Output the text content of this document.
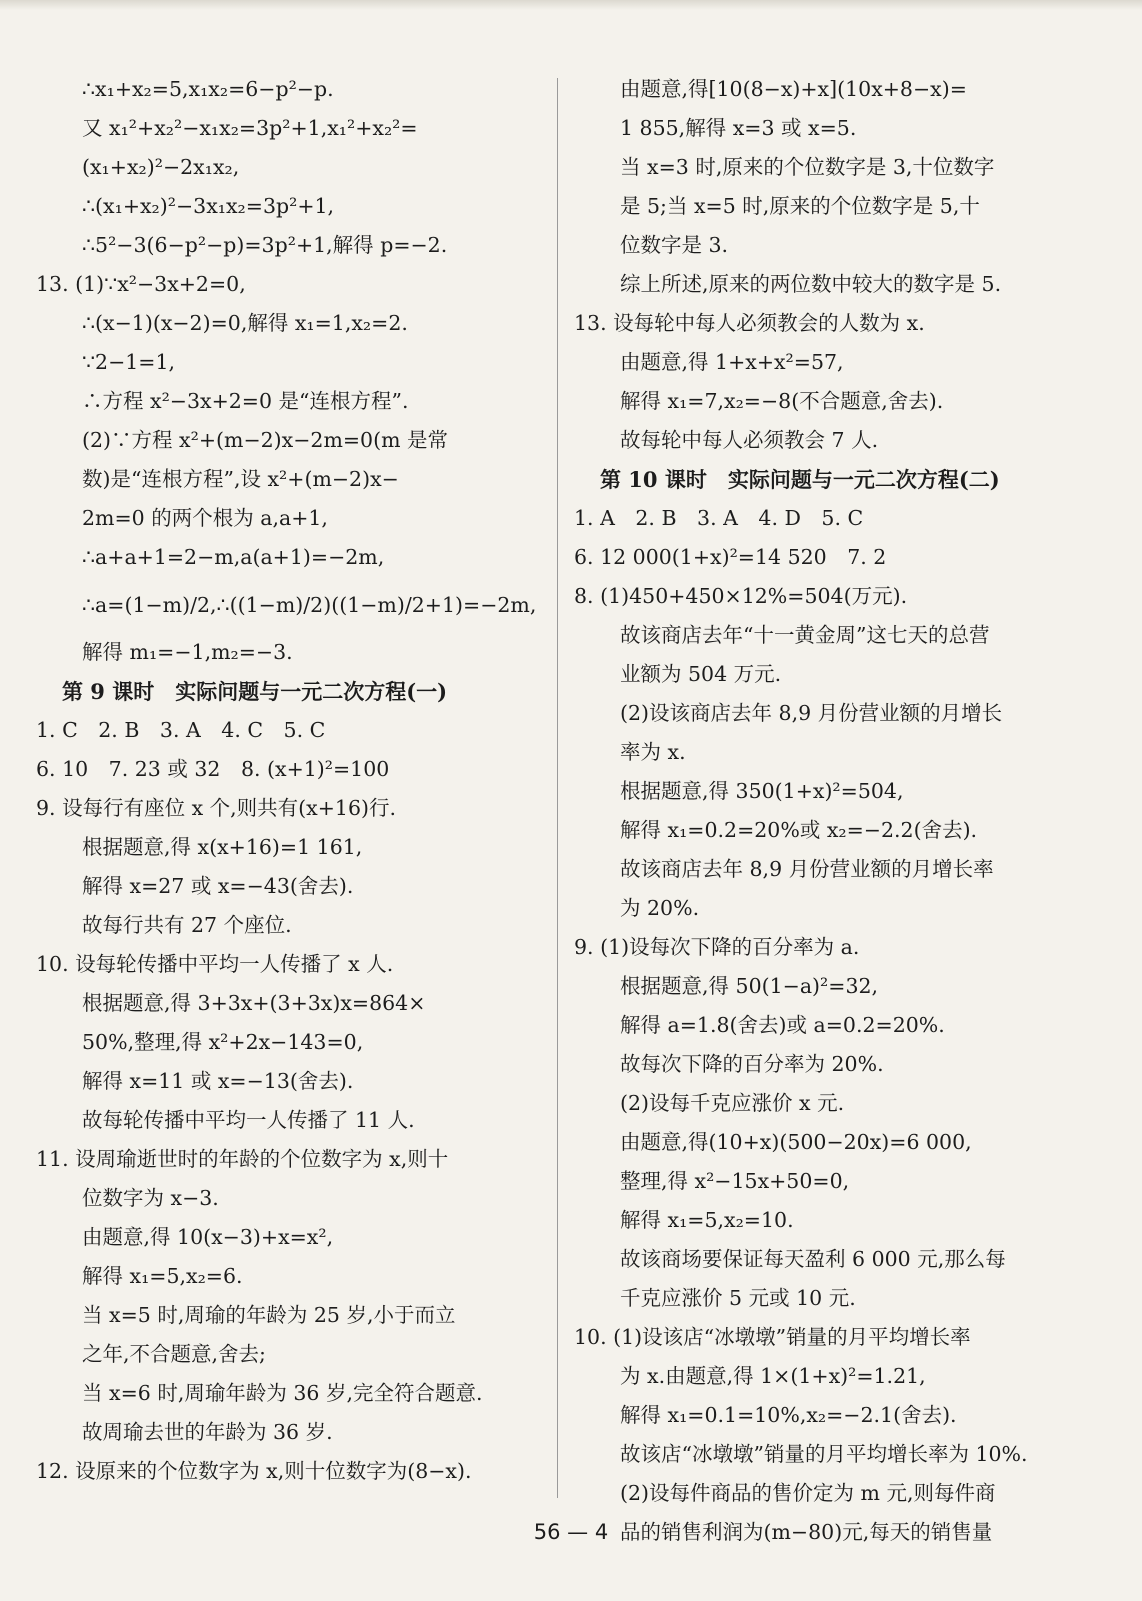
∴x₁+x₂=5,x₁x₂=6−p²−p.
又 x₁²+x₂²−x₁x₂=3p²+1,x₁²+x₂²=
(x₁+x₂)²−2x₁x₂,
∴(x₁+x₂)²−3x₁x₂=3p²+1,
∴5²−3(6−p²−p)=3p²+1,解得 p=−2.
13. (1)∵x²−3x+2=0,
∴(x−1)(x−2)=0,解得 x₁=1,x₂=2.
∵2−1=1,
∴方程 x²−3x+2=0 是“连根方程”.
(2)∵方程 x²+(m−2)x−2m=0(m 是常
数)是“连根方程”,设 x²+(m−2)x−
2m=0 的两个根为 a,a+1,
∴a+a+1=2−m,a(a+1)=−2m,
∴a=(1−m)/2,∴((1−m)/2)((1−m)/2+1)=−2m,
解得 m₁=−1,m₂=−3.
第 9 课时　实际问题与一元二次方程(一)
1. C　2. B　3. A　4. C　5. C
6. 10　7. 23 或 32　8. (x+1)²=100
9. 设每行有座位 x 个,则共有(x+16)行.
根据题意,得 x(x+16)=1 161,
解得 x=27 或 x=−43(舍去).
故每行共有 27 个座位.
10. 设每轮传播中平均一人传播了 x 人.
根据题意,得 3+3x+(3+3x)x=864×
50%,整理,得 x²+2x−143=0,
解得 x=11 或 x=−13(舍去).
故每轮传播中平均一人传播了 11 人.
11. 设周瑜逝世时的年龄的个位数字为 x,则十
位数字为 x−3.
由题意,得 10(x−3)+x=x²,
解得 x₁=5,x₂=6.
当 x=5 时,周瑜的年龄为 25 岁,小于而立
之年,不合题意,舍去;
当 x=6 时,周瑜年龄为 36 岁,完全符合题意.
故周瑜去世的年龄为 36 岁.
12. 设原来的个位数字为 x,则十位数字为(8−x).
由题意,得[10(8−x)+x](10x+8−x)=
1 855,解得 x=3 或 x=5.
当 x=3 时,原来的个位数字是 3,十位数字
是 5;当 x=5 时,原来的个位数字是 5,十
位数字是 3.
综上所述,原来的两位数中较大的数字是 5.
13. 设每轮中每人必须教会的人数为 x.
由题意,得 1+x+x²=57,
解得 x₁=7,x₂=−8(不合题意,舍去).
故每轮中每人必须教会 7 人.
第 10 课时　实际问题与一元二次方程(二)
1. A　2. B　3. A　4. D　5. C
6. 12 000(1+x)²=14 520　7. 2
8. (1)450+450×12%=504(万元).
故该商店去年“十一黄金周”这七天的总营
业额为 504 万元.
(2)设该商店去年 8,9 月份营业额的月增长
率为 x.
根据题意,得 350(1+x)²=504,
解得 x₁=0.2=20%或 x₂=−2.2(舍去).
故该商店去年 8,9 月份营业额的月增长率
为 20%.
9. (1)设每次下降的百分率为 a.
根据题意,得 50(1−a)²=32,
解得 a=1.8(舍去)或 a=0.2=20%.
故每次下降的百分率为 20%.
(2)设每千克应涨价 x 元.
由题意,得(10+x)(500−20x)=6 000,
整理,得 x²−15x+50=0,
解得 x₁=5,x₂=10.
故该商场要保证每天盈利 6 000 元,那么每
千克应涨价 5 元或 10 元.
10. (1)设该店“冰墩墩”销量的月平均增长率
为 x.由题意,得 1×(1+x)²=1.21,
解得 x₁=0.1=10%,x₂=−2.1(舍去).
故该店“冰墩墩”销量的月平均增长率为 10%.
(2)设每件商品的售价定为 m 元,则每件商
品的销售利润为(m−80)元,每天的销售量
56 — 4
